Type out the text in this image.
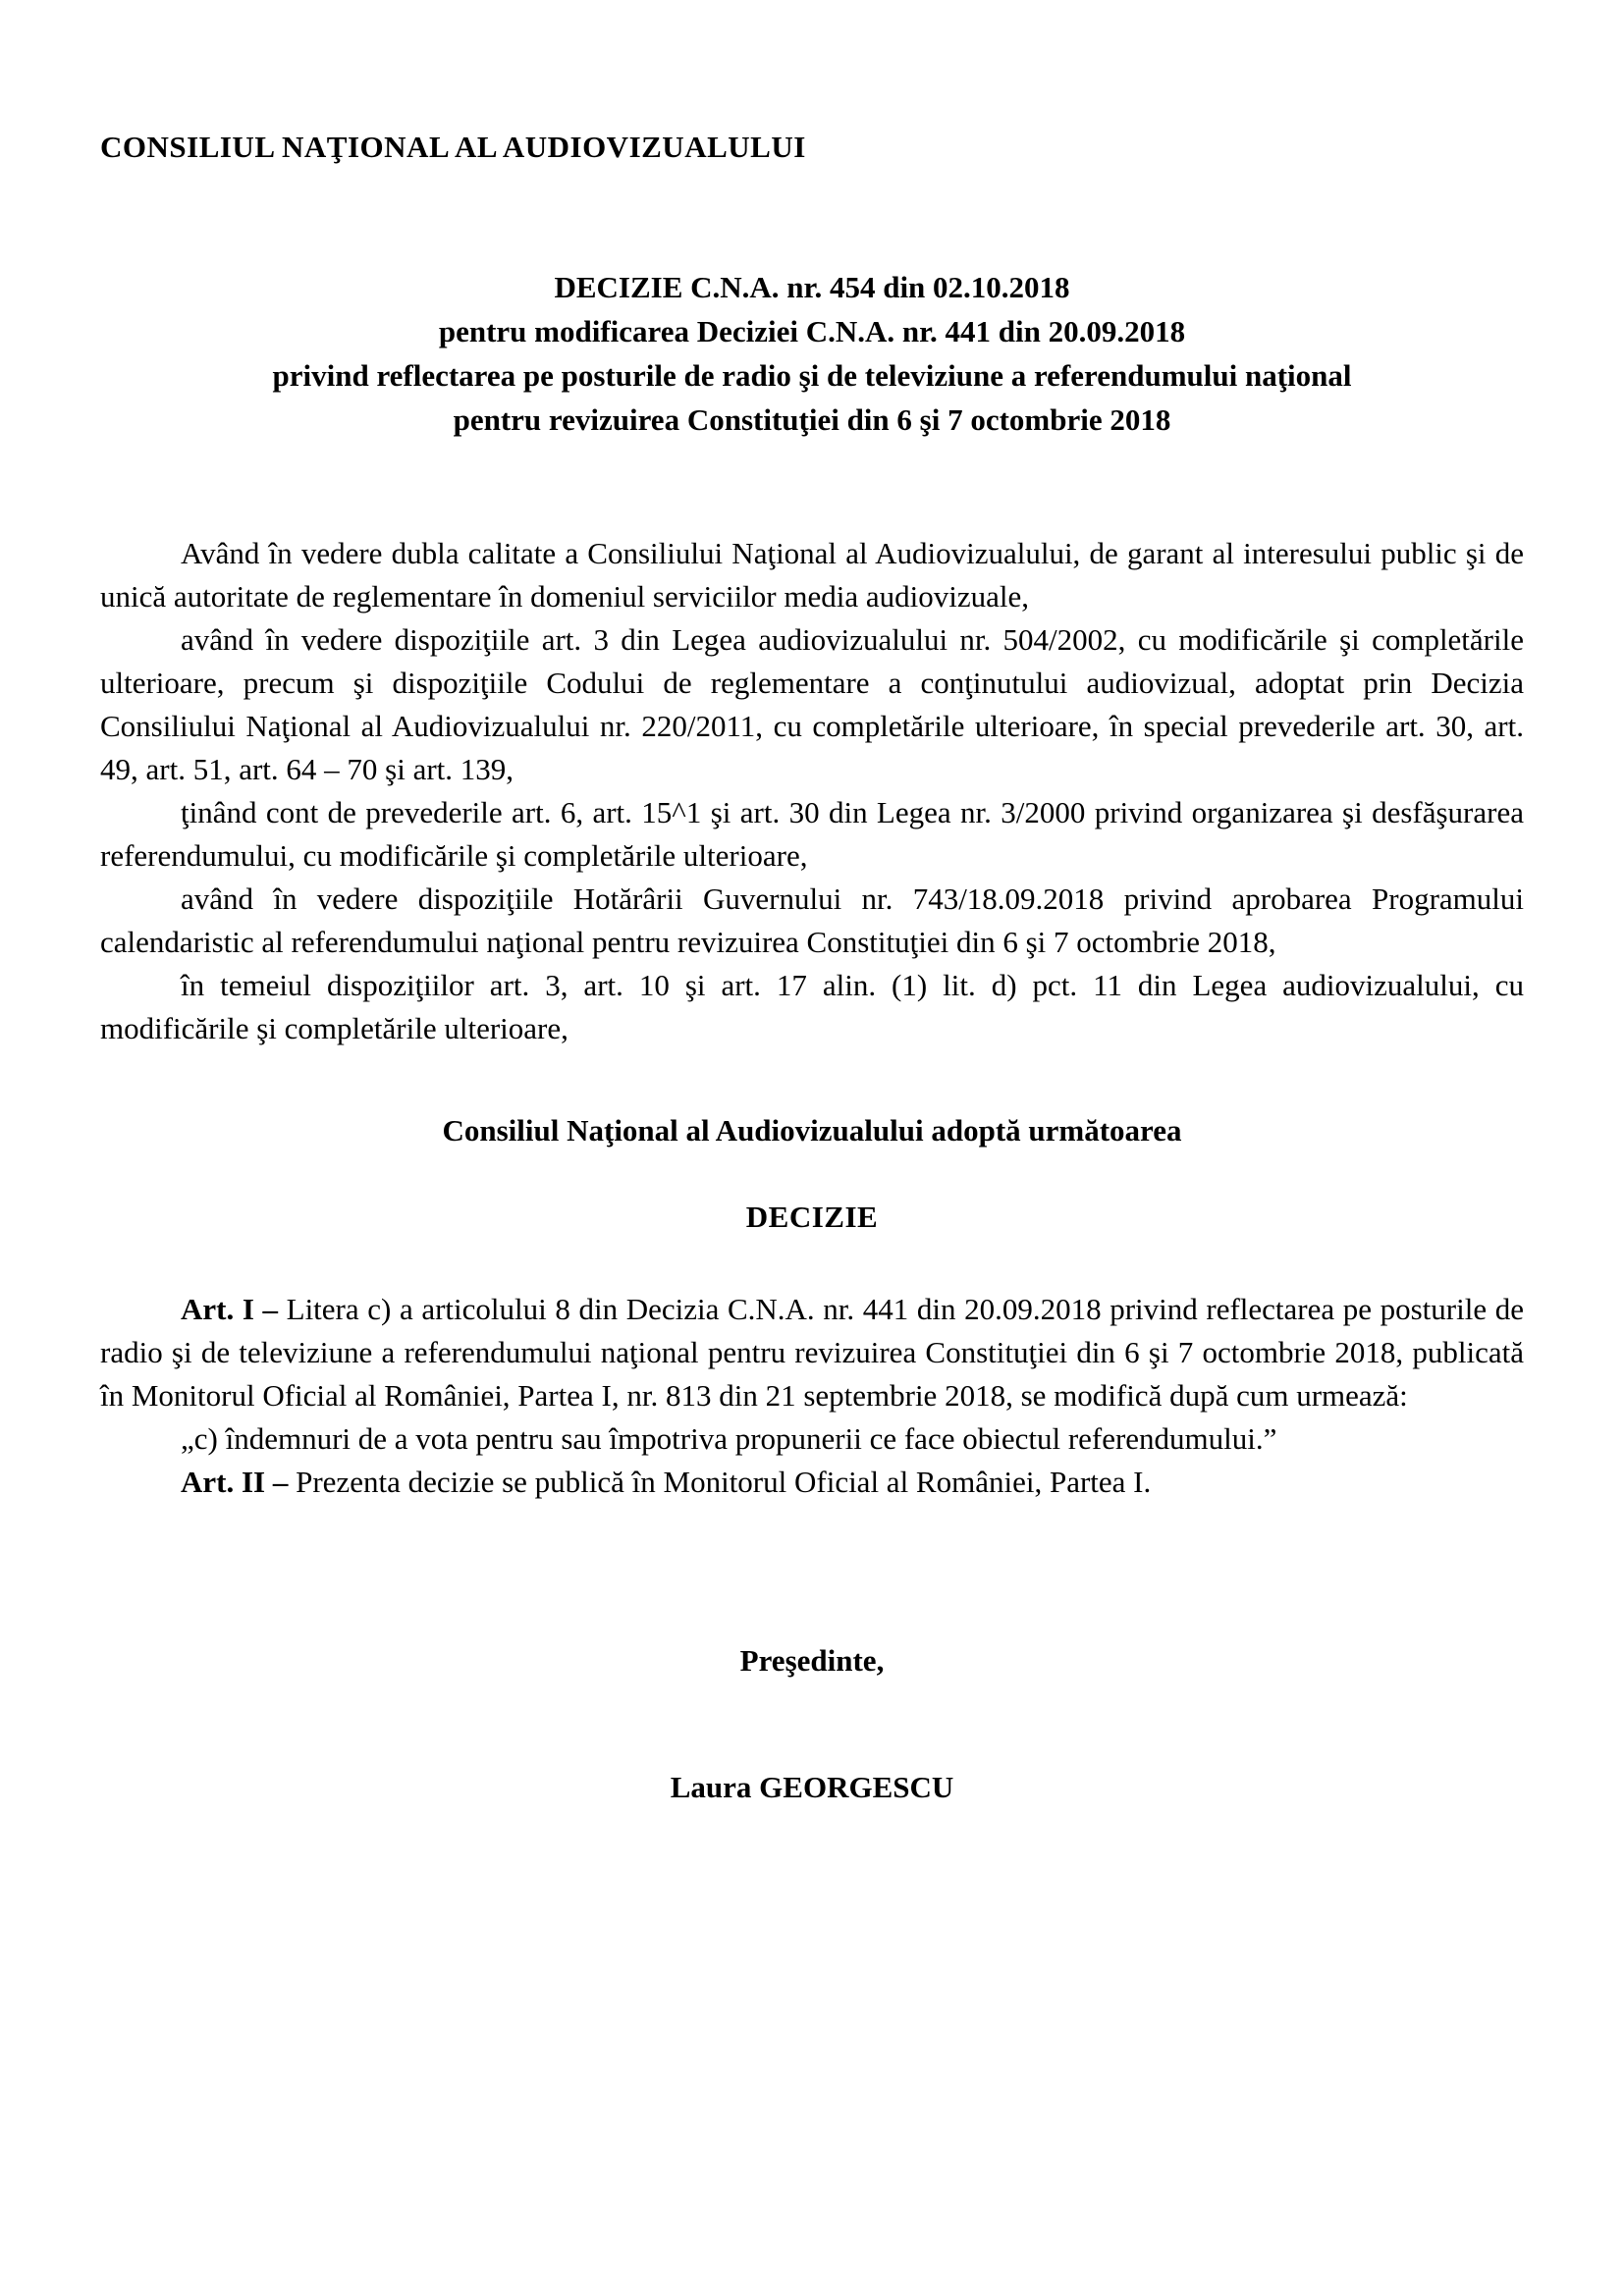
CONSILIUL NAŢIONAL AL AUDIOVIZUALULUI
DECIZIE C.N.A. nr. 454 din 02.10.2018
pentru modificarea Deciziei C.N.A. nr. 441 din 20.09.2018
privind reflectarea pe posturile de radio şi de televiziune a referendumului naţional
pentru revizuirea Constituţiei din 6 şi 7 octombrie 2018

Având în vedere dubla calitate a Consiliului Naţional al Audiovizualului, de garant al interesului public şi de unică autoritate de reglementare în domeniul serviciilor media audiovizuale,

având în vedere dispoziţiile art. 3 din Legea audiovizualului nr. 504/2002, cu modificările şi completările ulterioare, precum şi dispoziţiile Codului de reglementare a conţinutului audiovizual, adoptat prin Decizia Consiliului Naţional al Audiovizualului nr. 220/2011, cu completările ulterioare, în special prevederile art. 30, art. 49, art. 51, art. 64 – 70 şi art. 139,

ţinând cont de prevederile art. 6, art. 15^1 şi art. 30 din Legea nr. 3/2000 privind organizarea şi desfăşurarea referendumului, cu modificările şi completările ulterioare,

având în vedere dispoziţiile Hotărârii Guvernului nr. 743/18.09.2018 privind aprobarea Programului calendaristic al referendumului naţional pentru revizuirea Constituţiei din 6 şi 7 octombrie 2018,

în temeiul dispoziţiilor art. 3, art. 10 şi art. 17 alin. (1) lit. d) pct. 11 din Legea audiovizualului, cu modificările şi completările ulterioare,

Consiliul Naţional al Audiovizualului adoptă următoarea

DECIZIE

Art. I – Litera c) a articolului 8 din Decizia C.N.A. nr. 441 din 20.09.2018 privind reflectarea pe posturile de radio şi de televiziune a referendumului naţional pentru revizuirea Constituţiei din 6 şi 7 octombrie 2018, publicată în Monitorul Oficial al României, Partea I, nr. 813 din 21 septembrie 2018, se modifică după cum urmează:

„c) îndemnuri de a vota pentru sau împotriva propunerii ce face obiectul referendumului.”

Art. II – Prezenta decizie se publică în Monitorul Oficial al României, Partea I.

Preşedinte,

Laura GEORGESCU
